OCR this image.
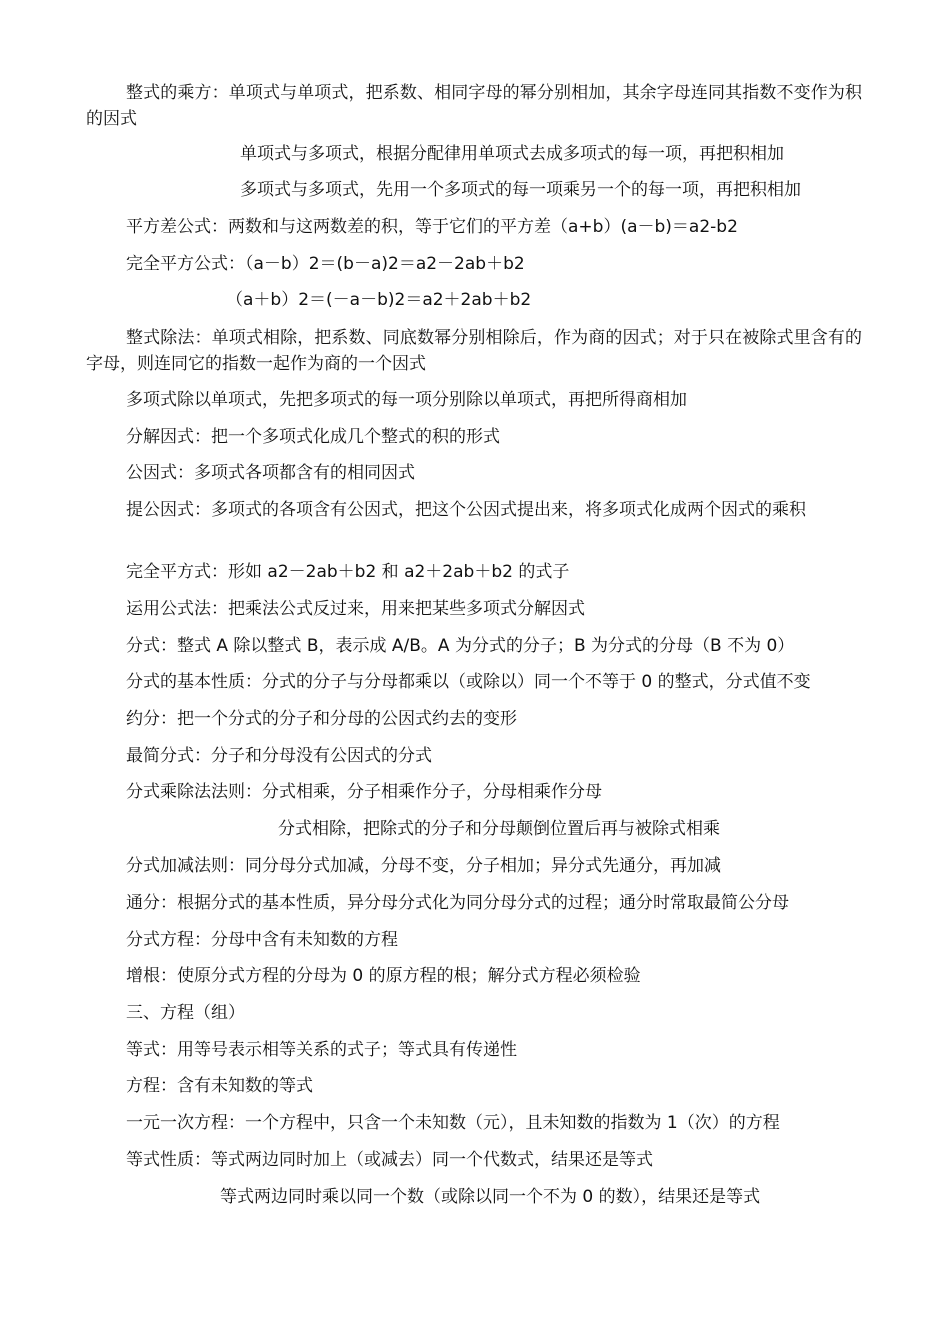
整式的乘方：单项式与单项式，把系数、相同字母的幂分别相加，其余字母连同其指数不变作为积的因式
单项式与多项式，根据分配律用单项式去成多项式的每一项，再把积相加
多项式与多项式，先用一个多项式的每一项乘另一个的每一项，再把积相加
平方差公式：两数和与这两数差的积，等于它们的平方差（a+b）(a－b)＝a2-b2
完全平方公式：（a－b）2＝(b－a)2＝a2－2ab＋b2
（a＋b）2＝(－a－b)2＝a2＋2ab＋b2
整式除法：单项式相除，把系数、同底数幂分别相除后，作为商的因式；对于只在被除式里含有的字母，则连同它的指数一起作为商的一个因式
多项式除以单项式，先把多项式的每一项分别除以单项式，再把所得商相加
分解因式：把一个多项式化成几个整式的积的形式
公因式：多项式各项都含有的相同因式
提公因式：多项式的各项含有公因式，把这个公因式提出来，将多项式化成两个因式的乘积
完全平方式：形如 a2－2ab＋b2 和 a2＋2ab＋b2 的式子
运用公式法：把乘法公式反过来，用来把某些多项式分解因式
分式：整式 A 除以整式 B，表示成 A/B。A 为分式的分子；B 为分式的分母（B 不为 0）
分式的基本性质：分式的分子与分母都乘以（或除以）同一个不等于 0 的整式，分式值不变
约分：把一个分式的分子和分母的公因式约去的变形
最简分式：分子和分母没有公因式的分式
分式乘除法法则：分式相乘，分子相乘作分子，分母相乘作分母
分式相除，把除式的分子和分母颠倒位置后再与被除式相乘
分式加减法则：同分母分式加减，分母不变，分子相加；异分式先通分，再加减
通分：根据分式的基本性质，异分母分式化为同分母分式的过程；通分时常取最简公分母
分式方程：分母中含有未知数的方程
增根：使原分式方程的分母为 0 的原方程的根；解分式方程必须检验
三、方程（组）
等式：用等号表示相等关系的式子；等式具有传递性
方程：含有未知数的等式
一元一次方程：一个方程中，只含一个未知数（元），且未知数的指数为 1（次）的方程
等式性质：等式两边同时加上（或减去）同一个代数式，结果还是等式
等式两边同时乘以同一个数（或除以同一个不为 0 的数），结果还是等式
